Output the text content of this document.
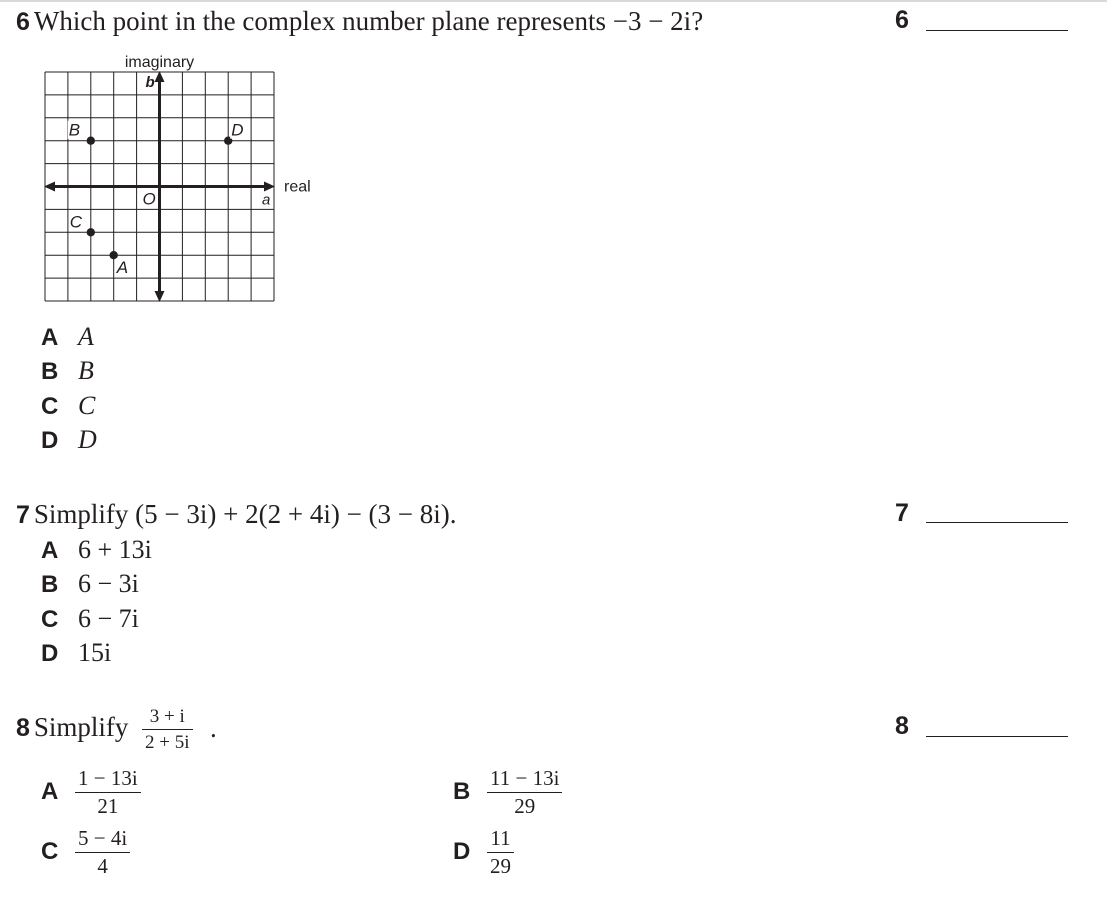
6 Which point in the complex number plane represents −3 − 2i?	6
imaginary
real
b
a
O
A
B
C
D
A A
B B
C C
D D
7 Simplify (5 − 3i) + 2(2 + 4i) − (3 − 8i).	7
A 6 + 13i
B 6 − 3i
C 6 − 7i
D 15i
8 Simplify	3 + i
2 + 5i .	8
A 1 − 13i
21
B 11 − 13i
29
C 5 − 4i
4
D 11
29
